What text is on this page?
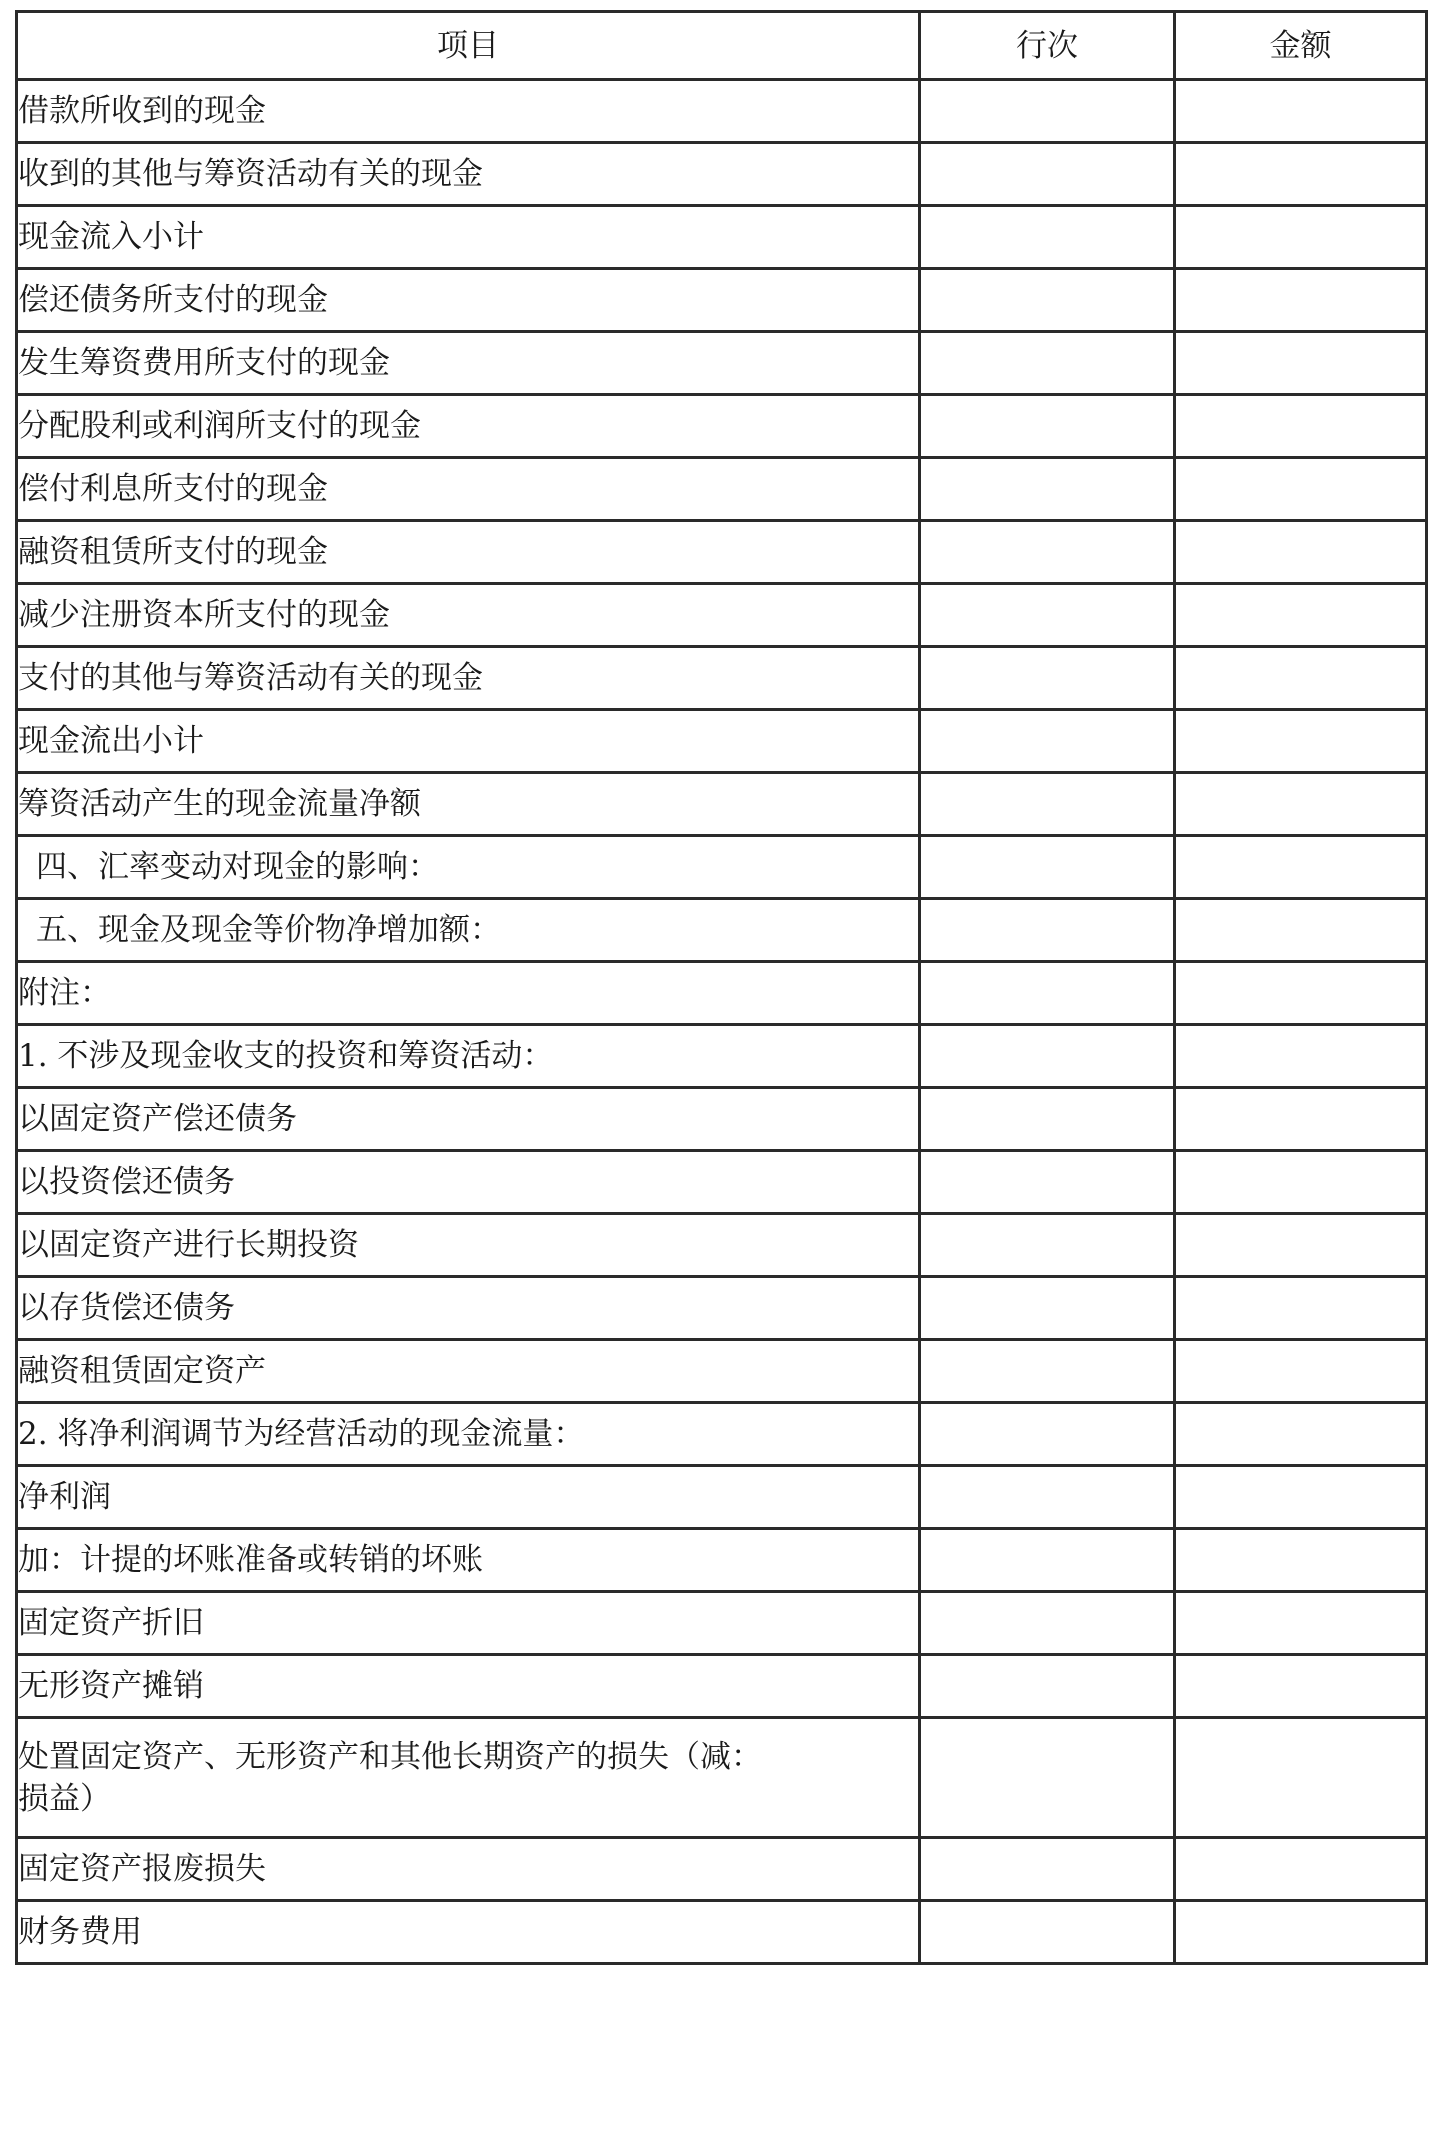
项目	行次	金额
借款所收到的现金		
收到的其他与筹资活动有关的现金		
现金流入小计		
偿还债务所支付的现金		
发生筹资费用所支付的现金		
分配股利或利润所支付的现金		
偿付利息所支付的现金		
融资租赁所支付的现金		
减少注册资本所支付的现金		
支付的其他与筹资活动有关的现金		
现金流出小计		
筹资活动产生的现金流量净额		
四、汇率变动对现金的影响：		
五、现金及现金等价物净增加额：		
附注：		
1. 不涉及现金收支的投资和筹资活动：		
以固定资产偿还债务		
以投资偿还债务		
以固定资产进行长期投资		
以存货偿还债务		
融资租赁固定资产		
2. 将净利润调节为经营活动的现金流量：		
净利润		
加：计提的坏账准备或转销的坏账		
固定资产折旧		
无形资产摊销		

处置固定资产、无形资产和其他长期资产的损失（减：
损益）		

固定资产报废损失		
财务费用		
